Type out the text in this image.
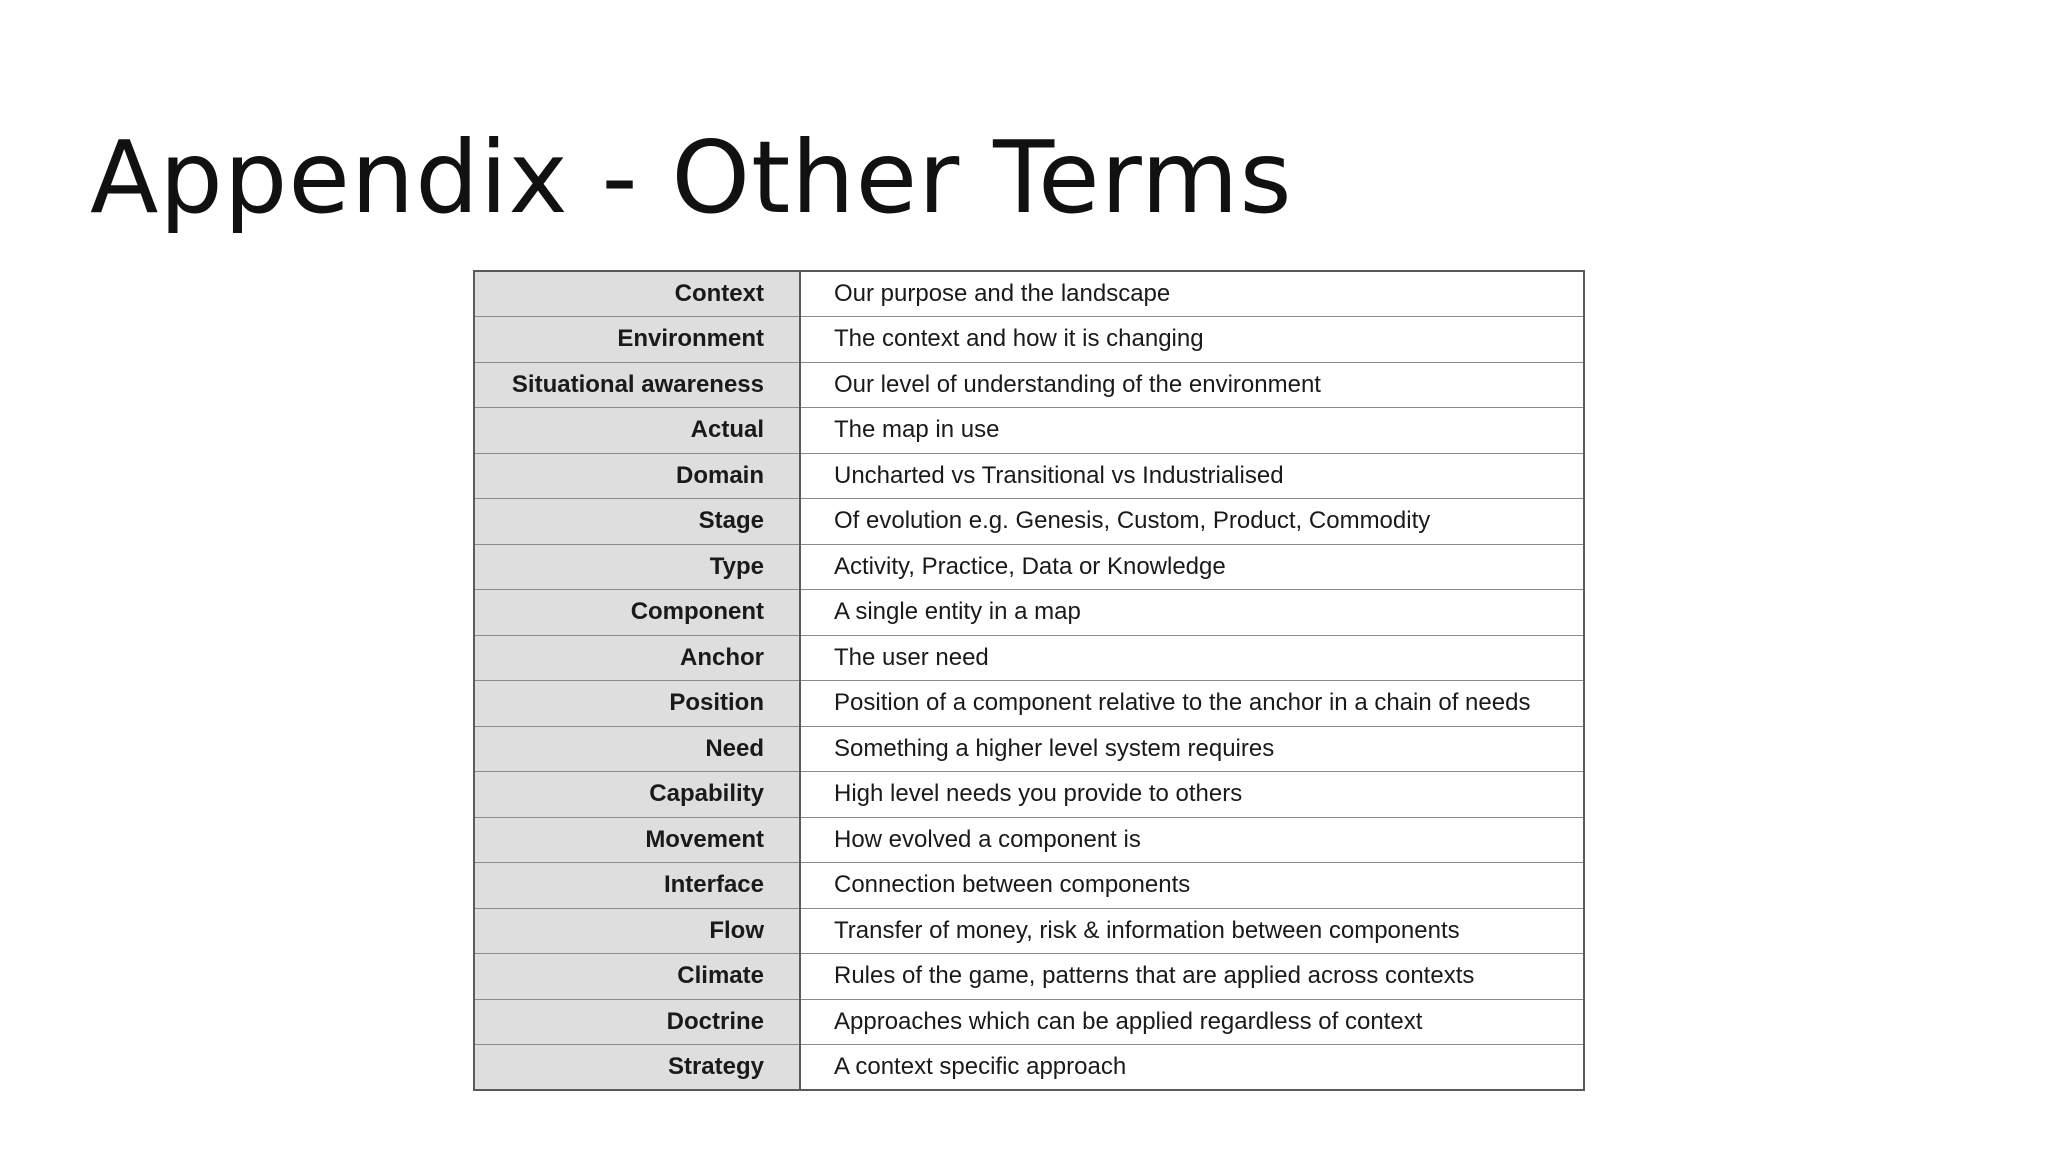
Appendix - Other Terms
Context	Our purpose and the landscape
Environment	The context and how it is changing
Situational awareness	Our level of understanding of the environment
Actual	The map in use
Domain	Uncharted vs Transitional vs Industrialised
Stage	Of evolution e.g. Genesis, Custom, Product, Commodity
Type	Activity, Practice, Data or Knowledge
Component	A single entity in a map
Anchor	The user need
Position	Position of a component relative to the anchor in a chain of needs
Need	Something a higher level system requires
Capability	High level needs you provide to others
Movement	How evolved a component is
Interface	Connection between components
Flow	Transfer of money, risk & information between components
Climate	Rules of the game, patterns that are applied across contexts
Doctrine	Approaches which can be applied regardless of context
Strategy	A context specific approach
